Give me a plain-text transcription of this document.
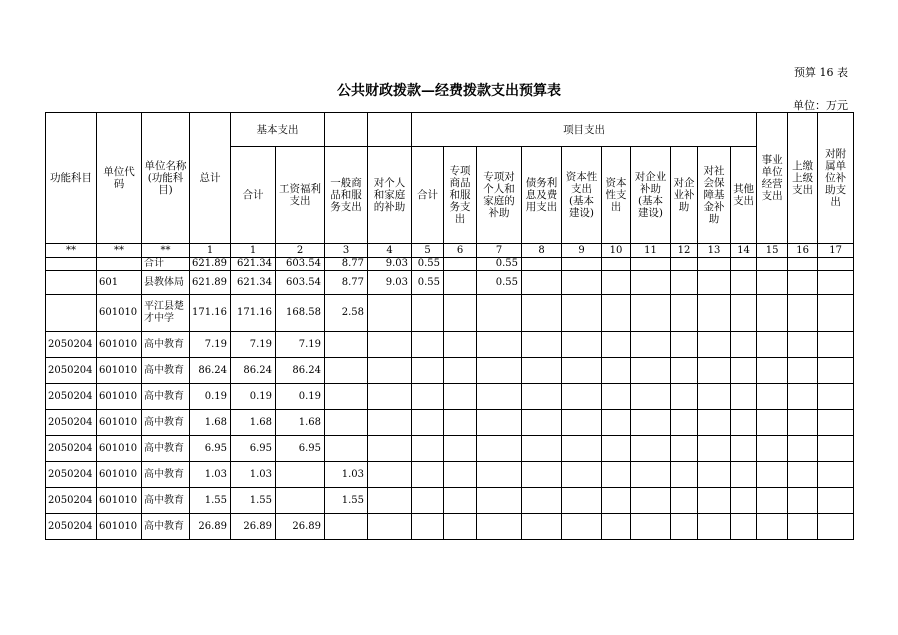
预算 16 表
公共财政拨款—经费拨款支出预算表
单位：万元
功能科目	单位代码	单位名称(功能科目)	总计	基本支出				项目支出										事业单位经营支出	上缴上级支出	对附属单位补助支出
				合计	工资福利支出	一般商品和服务支出	对个人和家庭的补助	合计	专项商品和服务支出	专项对个人和家庭的补助	债务利息及费用支出	资本性支出(基本建设)	资本性支出	对企业补助(基本建设)	对企业补助	对社会保障基金补助	其他支出			
**	**	**	1	1	2	3	4	5	6	7	8	9	10	11	12	13	14	15	16	17
		合计	621.89	621.34	603.54	8.77	9.03	0.55		0.55										
	601	县教体局	621.89	621.34	603.54	8.77	9.03	0.55		0.55										
	601010	平江县楚才中学	171.16	171.16	168.58	2.58														
2050204	601010	高中教育	7.19	7.19	7.19															
2050204	601010	高中教育	86.24	86.24	86.24															
2050204	601010	高中教育	0.19	0.19	0.19															
2050204	601010	高中教育	1.68	1.68	1.68															
2050204	601010	高中教育	6.95	6.95	6.95															
2050204	601010	高中教育	1.03	1.03		1.03														
2050204	601010	高中教育	1.55	1.55		1.55														
2050204	601010	高中教育	26.89	26.89	26.89															
